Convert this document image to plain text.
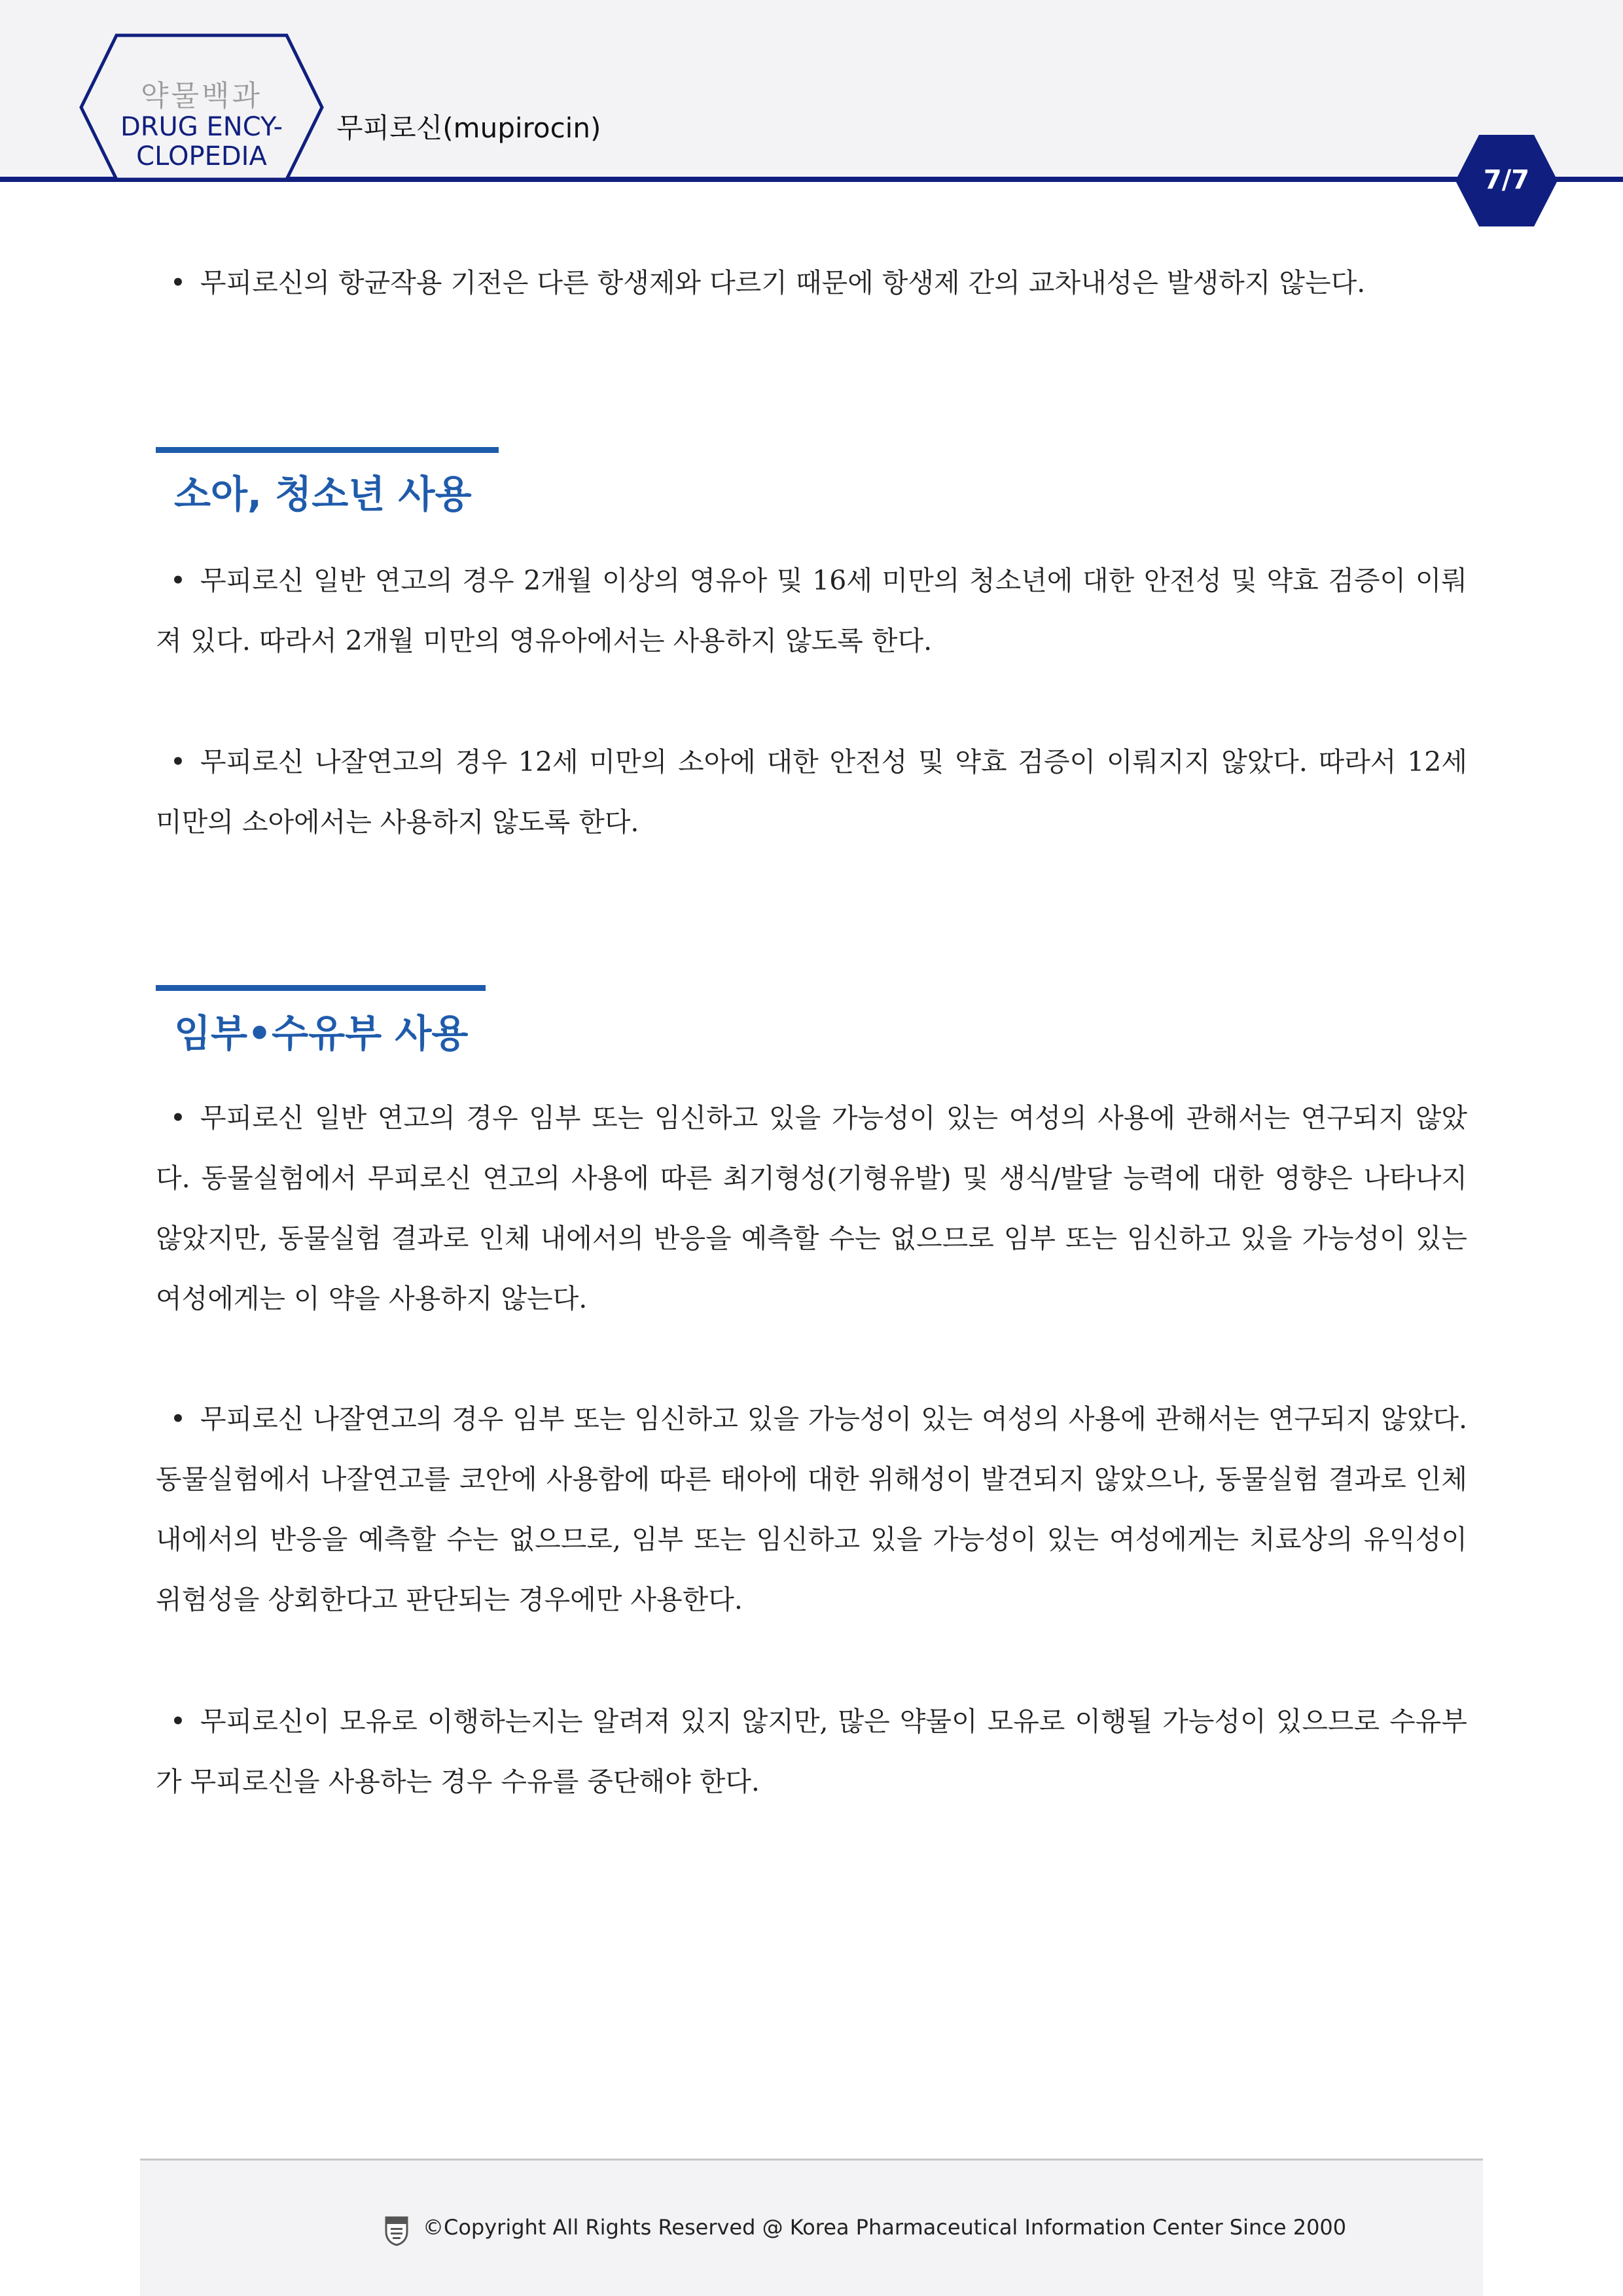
약물백과
DRUG ENCY-
CLOPEDIA
무피로신(mupirocin)
7/7

• 무피로신의 항균작용 기전은 다른 항생제와 다르기 때문에 항생제 간의 교차내성은 발생하지 않는다.

소아, 청소년 사용

• 무피로신 일반 연고의 경우 2개월 이상의 영유아 및 16세 미만의 청소년에 대한 안전성 및 약효 검증이 이뤄져 있다. 따라서 2개월 미만의 영유아에서는 사용하지 않도록 한다.

• 무피로신 나잘연고의 경우 12세 미만의 소아에 대한 안전성 및 약효 검증이 이뤄지지 않았다. 따라서 12세 미만의 소아에서는 사용하지 않도록 한다.

임부•수유부 사용

• 무피로신 일반 연고의 경우 임부 또는 임신하고 있을 가능성이 있는 여성의 사용에 관해서는 연구되지 않았다. 동물실험에서 무피로신 연고의 사용에 따른 최기형성(기형유발) 및 생식/발달 능력에 대한 영향은 나타나지 않았지만, 동물실험 결과로 인체 내에서의 반응을 예측할 수는 없으므로 임부 또는 임신하고 있을 가능성이 있는 여성에게는 이 약을 사용하지 않는다.

• 무피로신 나잘연고의 경우 임부 또는 임신하고 있을 가능성이 있는 여성의 사용에 관해서는 연구되지 않았다. 동물실험에서 나잘연고를 코안에 사용함에 따른 태아에 대한 위해성이 발견되지 않았으나, 동물실험 결과로 인체 내에서의 반응을 예측할 수는 없으므로, 임부 또는 임신하고 있을 가능성이 있는 여성에게는 치료상의 유익성이 위험성을 상회한다고 판단되는 경우에만 사용한다.

• 무피로신이 모유로 이행하는지는 알려져 있지 않지만, 많은 약물이 모유로 이행될 가능성이 있으므로 수유부가 무피로신을 사용하는 경우 수유를 중단해야 한다.

©Copyright All Rights Reserved @ Korea Pharmaceutical Information Center Since 2000
